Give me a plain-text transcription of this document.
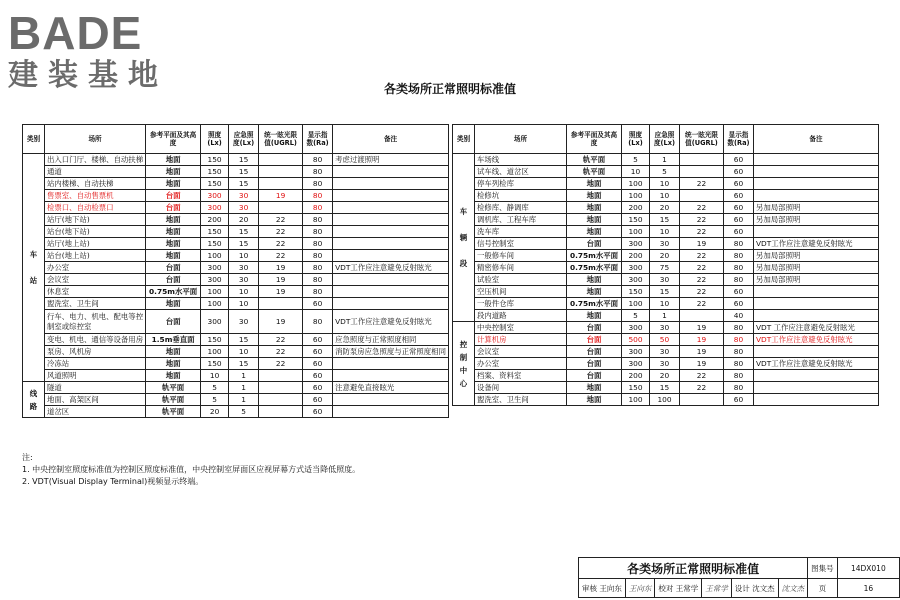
BADE
建装基地	各类场所正常照明标准值
类别	场所	参考平面及其高度	照度(Lx)	应急照度(Lx)	统一眩光限值(UGRL)	显示指数(Ra)	备注
车

站	出入口门厅、楼梯、自动扶梯	地面	150	15		80	考虑过渡照明
	通道	地面	150	15		80	
	站内楼梯、自动扶梯	地面	150	15		80	
	售票室、自动售票机	台面	300	30	19	80	
	检票口、自动检票口	台面	300	30		80	
	站厅(地下站)	地面	200	20	22	80	
	站台(地下站)	地面	150	15	22	80	
	站厅(地上站)	地面	150	15	22	80	
	站台(地上站)	地面	100	10	22	80	
	办公室	台面	300	30	19	80	VDT工作应注意避免反射眩光
	会议室	台面	300	30	19	80	
	休息室	0.75m水平面	100	10	19	80	
	盥洗室、卫生间	地面	100	10		60	
	行车、电力、机电、配电等控制室或综控室	台面	300	30	19	80	VDT工作应注意避免反射眩光
	变电、机电、通信等设备用房	1.5m垂直面	150	15	22	60	应急照度与正常照度相同
	泵房、风机房	地面	100	10	22	60	消防泵房应急照度与正常照度相同
	冷冻站	地面	150	15	22	60	
	风道照明	地面	10	1		60	
线
路	隧道	轨平面	5	1		60	注意避免直接眩光
	地面、高架区间	轨平面	5	1		60	
	道岔区	轨平面	20	5		60	
类别	场所	参考平面及其高度	照度(Lx)	应急照度(Lx)	统一眩光限值(UGRL)	显示指数(Ra)	备注
车

辆

段	车场线	轨平面	5	1		60	
	试车线、道岔区	轨平面	10	5		60	
	停车列检库	地面	100	10	22	60	
	检修坑	地面	100	10		60	
	检修库、静调库	地面	200	20	22	60	另加局部照明
	调机库、工程车库	地面	150	15	22	60	另加局部照明
	洗车库	地面	100	10	22	60	
	信号控制室	台面	300	30	19	80	VDT工作应注意避免反射眩光
	一般修车间	0.75m水平面	200	20	22	80	另加局部照明
	精密修车间	0.75m水平面	300	75	22	80	另加局部照明
	试验室	地面	300	30	22	80	另加局部照明
	空压机间	地面	150	15	22	60	
	一般件仓库	0.75m水平面	100	10	22	60	
	段内道路	地面	5	1		40	
控
制
中
心	中央控制室	台面	300	30	19	80	VDT 工作应注意避免反射眩光
	计算机房	台面	500	50	19	80	VDT工作应注意避免反射眩光
	会议室	台面	300	30	19	80	
	办公室	台面	300	30	19	80	VDT工作应注意避免反射眩光
	档案、资料室	台面	200	20	22	80	
	设备间	地面	150	15	22	80	
	盥洗室、卫生间	地面	100	100		60	
注:
1. 中央控制室照度标准值为控制区照度标准值，中央控制室屏面区应视屏幕方式适当降低照度。
2. VDT(Visual Display Terminal)视频显示终端。
各类场所正常照明标准值						图集号	14DX010
审核 王向东	王向东	校对 王常学	王常学	设计 沈文杰	沈文杰	页	16
